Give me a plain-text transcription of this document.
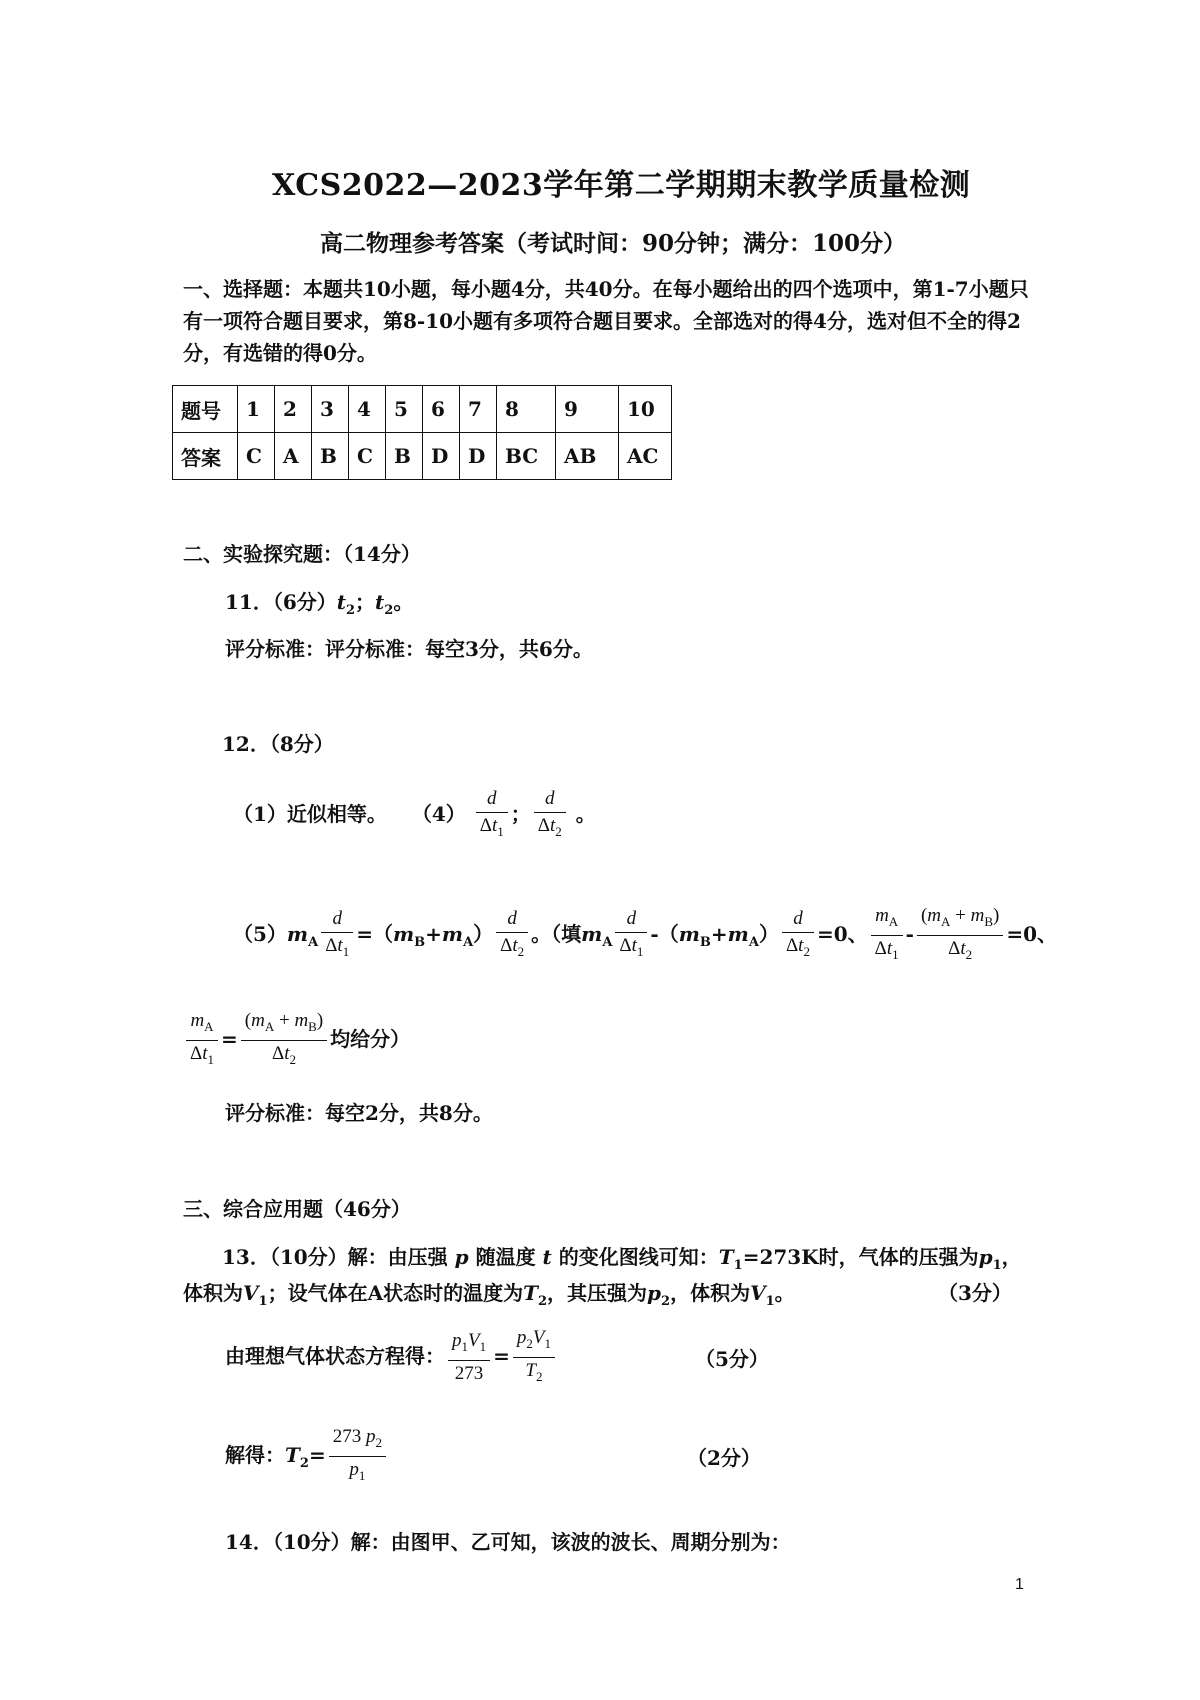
XCS2022—2023学年第二学期期末教学质量检测
高二物理参考答案（考试时间：90分钟；满分：100分）
一、选择题：本题共10小题，每小题4分，共40分。在每小题给出的四个选项中，第1-7小题只有一项符合题目要求，第8-10小题有多项符合题目要求。全部选对的得4分，选对但不全的得2分，有选错的得0分。
题号	1	2	3	4	5	6	7	8	9	10
答案	C	A	B	C	B	D	D	BC	AB	AC
二、实验探究题：（14分）
11．（6分）$t_2$；$t_2$。
评分标准：评分标准：每空3分，共6分。
12．（8分）
（1）近似相等。 $(4) \frac{d}{\Delta t_1}$ ； $\frac{d}{\Delta t_2}$ 。
$(5)m_A \frac{d}{\Delta t_1} =(m_B+m_A) \frac{d}{\Delta t_2}$ 。（填$m_A \frac{d}{\Delta t_1} -(m_B+m_A) \frac{d}{\Delta t_2} =0$、 $\frac{m_A}{\Delta t_1} - \frac{(m_A + m_B)}{\Delta t_2} =0$、
$\frac{m_A}{\Delta t_1} = \frac{(m_A + m_B)}{\Delta t_2}$ 均给分）
评分标准：每空2分，共8分。
三、综合应用题（46分）
13．（10分）解：由压强 p 随温度 t 的变化图线可知：$T_1=273K$时，气体的压强为$p_1$，
体积为$V_1$；设气体在A状态时的温度为$T_2$，其压强为$p_2$，体积为$V_1$。	（3分）
由理想气体状态方程得： $\frac{p_1V_1}{273} = \frac{p_2V_1}{T_2}$	（5分）
解得：$T_2= \frac{273 p_2}{p_1}$	（2分）
14．（10分）解：由图甲、乙可知，该波的波长、周期分别为：
1
